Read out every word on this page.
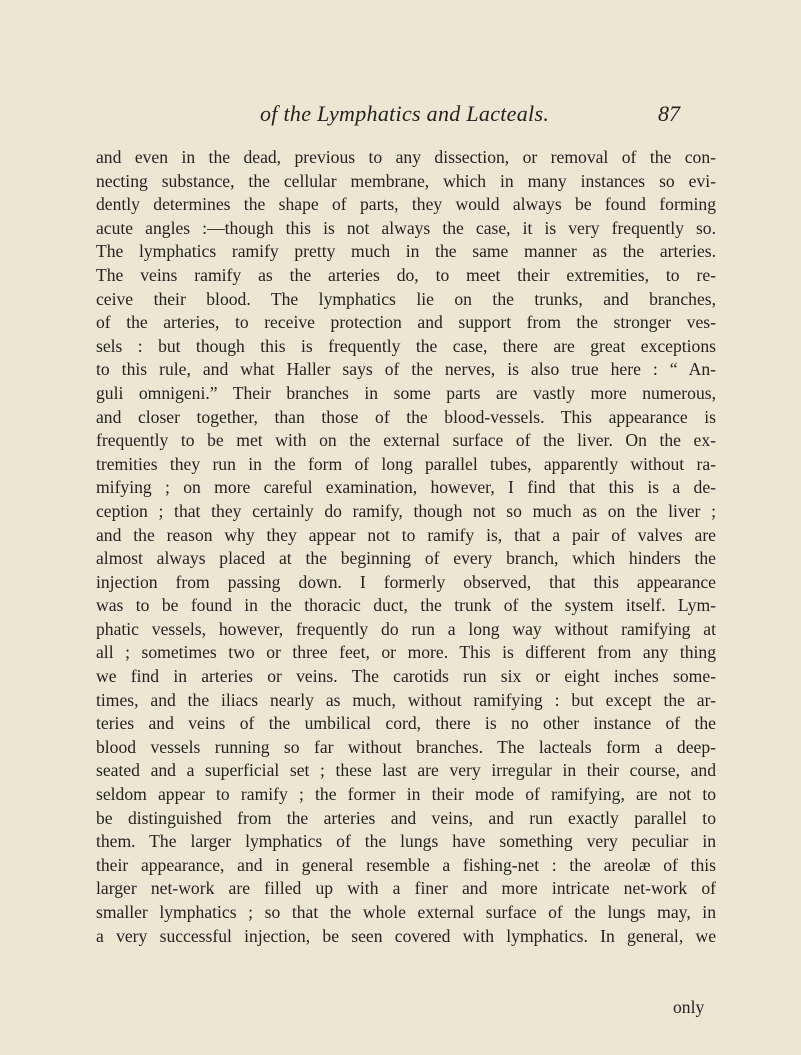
of the Lymphatics and Lacteals.	87
and even in the dead, previous to any dissection, or removal of the con-
necting substance, the cellular membrane, which in many instances so evi-
dently determines the shape of parts, they would always be found forming
acute angles :—though this is not always the case, it is very frequently so.
The lymphatics ramify pretty much in the same manner as the arteries.
The veins ramify as the arteries do, to meet their extremities, to re-
ceive their blood. The lymphatics lie on the trunks, and branches,
of the arteries, to receive protection and support from the stronger ves-
sels : but though this is frequently the case, there are great exceptions
to this rule, and what Haller says of the nerves, is also true here : “ An-
guli omnigeni.” Their branches in some parts are vastly more numerous,
and closer together, than those of the blood-vessels. This appearance is
frequently to be met with on the external surface of the liver. On the ex-
tremities they run in the form of long parallel tubes, apparently without ra-
mifying ; on more careful examination, however, I find that this is a de-
ception ; that they certainly do ramify, though not so much as on the liver ;
and the reason why they appear not to ramify is, that a pair of valves are
almost always placed at the beginning of every branch, which hinders the
injection from passing down. I formerly observed, that this appearance
was to be found in the thoracic duct, the trunk of the system itself. Lym-
phatic vessels, however, frequently do run a long way without ramifying at
all ; sometimes two or three feet, or more. This is different from any thing
we find in arteries or veins. The carotids run six or eight inches some-
times, and the iliacs nearly as much, without ramifying : but except the ar-
teries and veins of the umbilical cord, there is no other instance of the
blood vessels running so far without branches. The lacteals form a deep-
seated and a superficial set ; these last are very irregular in their course, and
seldom appear to ramify ; the former in their mode of ramifying, are not to
be distinguished from the arteries and veins, and run exactly parallel to
them. The larger lymphatics of the lungs have something very peculiar in
their appearance, and in general resemble a fishing-net : the areolæ of this
larger net-work are filled up with a finer and more intricate net-work of
smaller lymphatics ; so that the whole external surface of the lungs may, in
a very successful injection, be seen covered with lymphatics. In general, we
only
